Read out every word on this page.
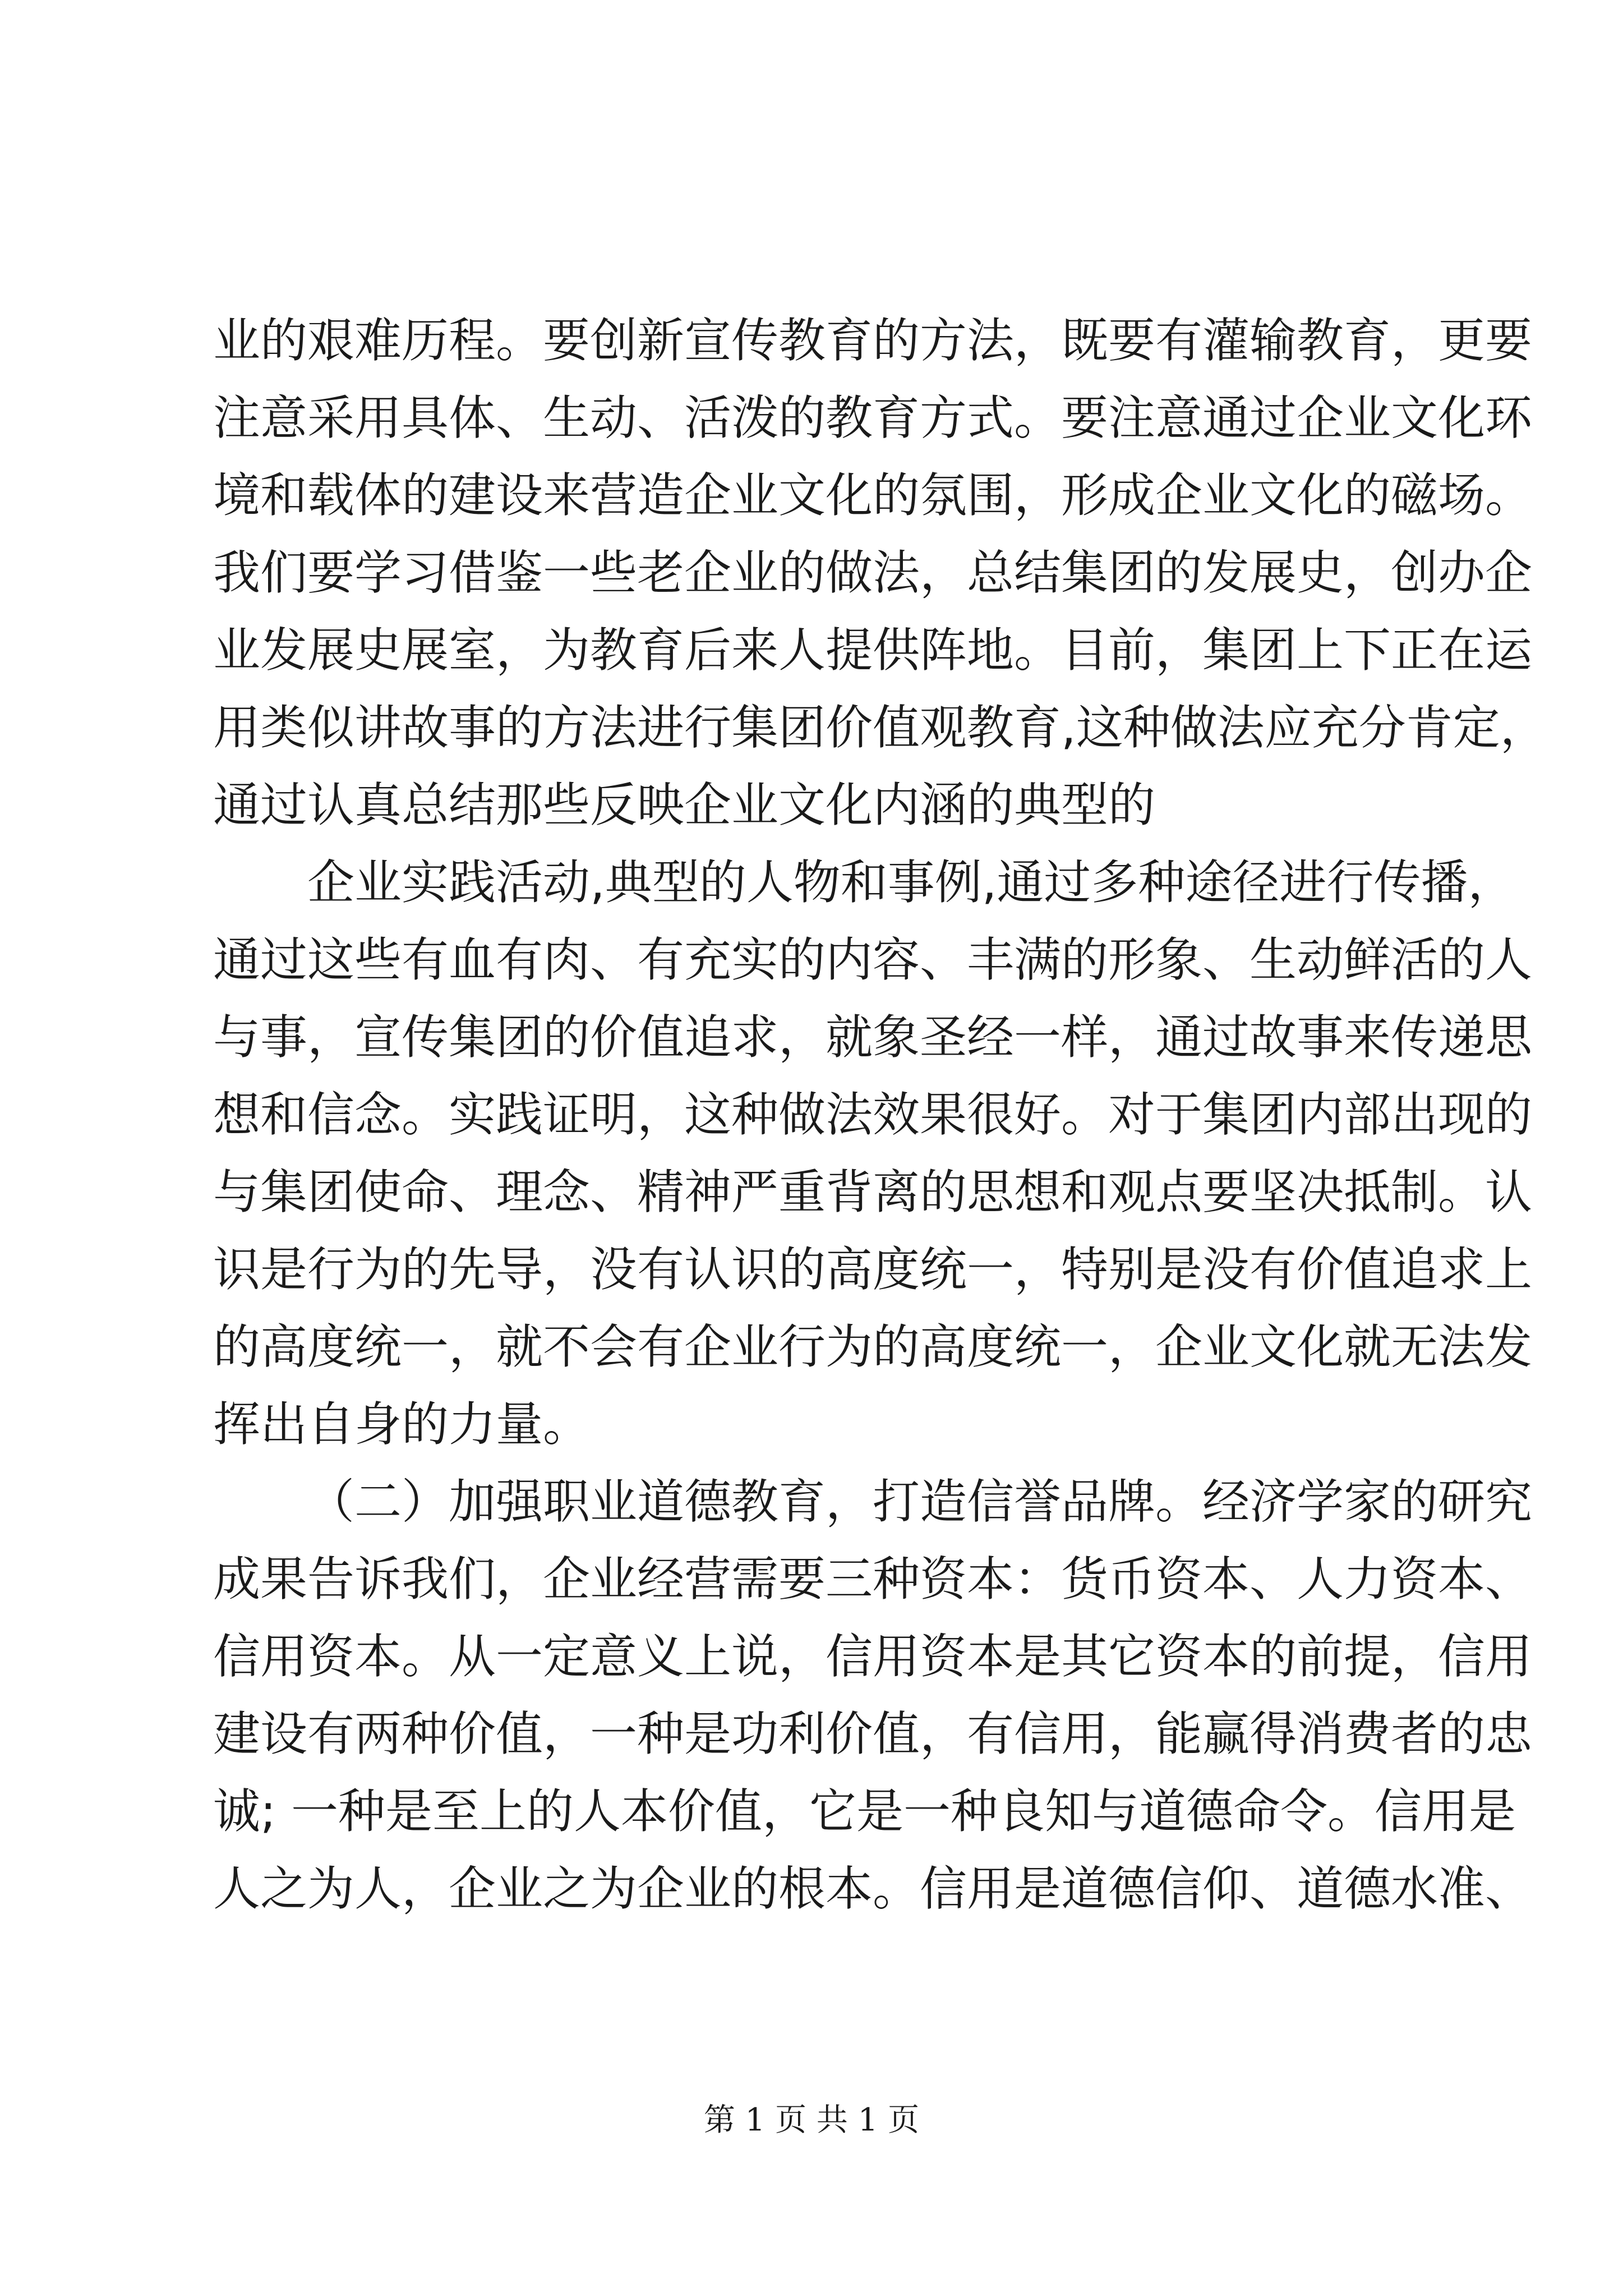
业的艰难历程。要创新宣传教育的方法，既要有灌输教育，更要
注意采用具体、生动、活泼的教育方式。要注意通过企业文化环
境和载体的建设来营造企业文化的氛围，形成企业文化的磁场。
我们要学习借鉴一些老企业的做法，总结集团的发展史，创办企
业发展史展室，为教育后来人提供阵地。目前，集团上下正在运
用类似讲故事的方法进行集团价值观教育,这种做法应充分肯定，
通过认真总结那些反映企业文化内涵的典型的
企业实践活动,典型的人物和事例,通过多种途径进行传播，
通过这些有血有肉、有充实的内容、丰满的形象、生动鲜活的人
与事，宣传集团的价值追求，就象圣经一样，通过故事来传递思
想和信念。实践证明，这种做法效果很好。对于集团内部出现的
与集团使命、理念、精神严重背离的思想和观点要坚决抵制。认
识是行为的先导，没有认识的高度统一，特别是没有价值追求上
的高度统一，就不会有企业行为的高度统一，企业文化就无法发
挥出自身的力量。
（二）加强职业道德教育，打造信誉品牌。经济学家的研究
成果告诉我们，企业经营需要三种资本：货币资本、人力资本、
信用资本。从一定意义上说，信用资本是其它资本的前提，信用
建设有两种价值，一种是功利价值，有信用，能赢得消费者的忠
诚; 一种是至上的人本价值，它是一种良知与道德命令。信用是
人之为人，企业之为企业的根本。信用是道德信仰、道德水准、
第 1 页 共 1 页
